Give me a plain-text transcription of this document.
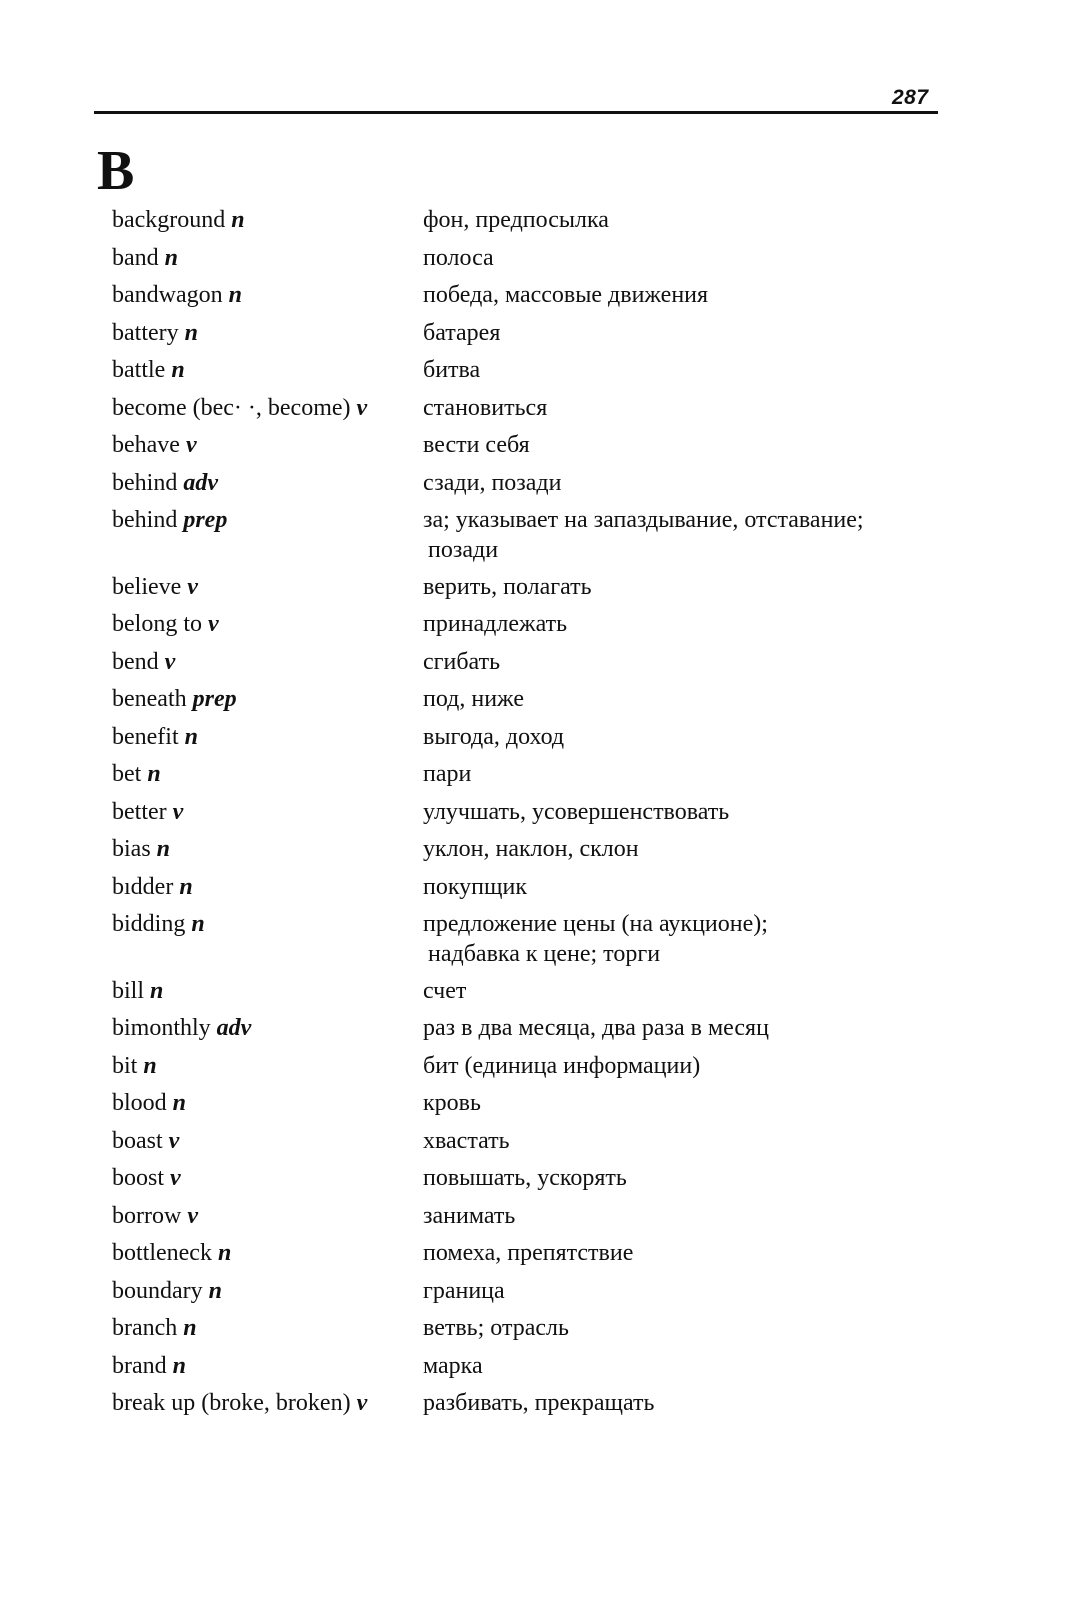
287
B
background n	фон, предпосылка
band n	полоса
bandwagon n	победа, массовые движения
battery n	батарея
battle n	битва
become (bec· ·, become) v становиться
behave v	вести себя
behind adv	сзади, позади
behind prep	за; указывает на запаздывание, отставание;
позади
believe v	верить, полагать
belong to v	принадлежать
bend v	сгибать
beneath prep	под, ниже
benefit n	выгода, доход
bet n	пари
better v	улучшать, усовершенствовать
bias n	уклон, наклон, склон
bıdder n	покупщик
bidding n	предложение цены (на аукционе);
надбавка к цене; торги
bill n	счет
bimonthly adv	раз в два месяца, два раза в месяц
bit n	бит (единица информации)
blood n	кровь
boast v	хвастать
boost v	повышать, ускорять
borrow v	занимать
bottleneck n	помеха, препятствие
boundary n	граница
branch n	ветвь; отрасль
brand n	марка
break up (broke, broken) v разбивать, прекращать
